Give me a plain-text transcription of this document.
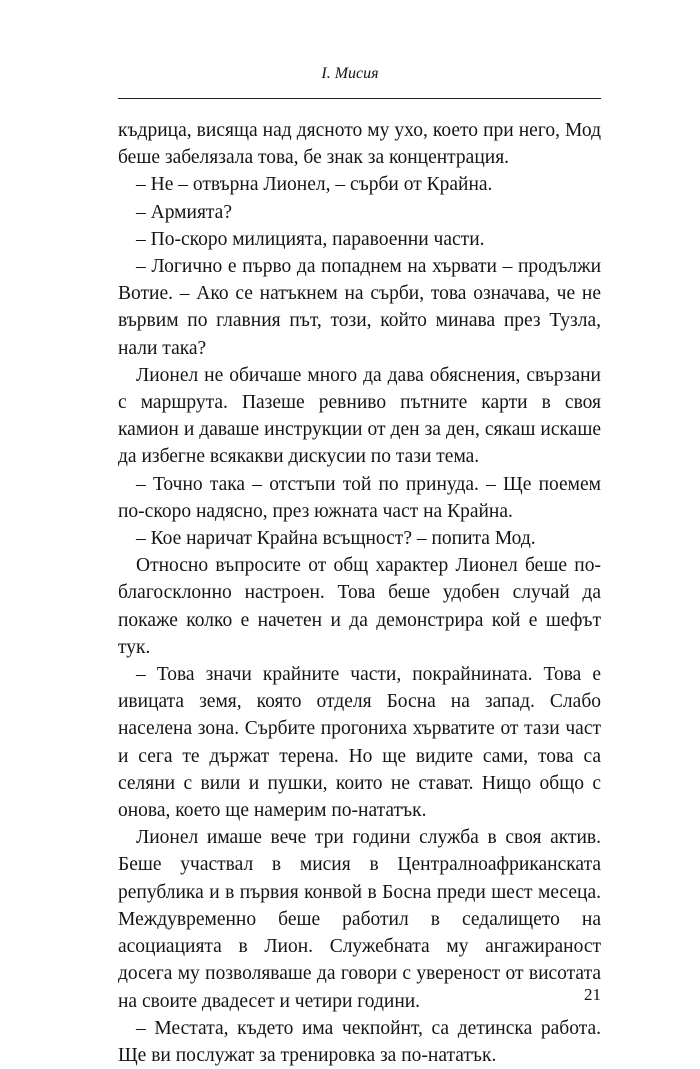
I. Мисия

къдрица, висяща над дясното му ухо, което при него, Мод беше забелязала това, бе знак за концентрация.

– Не – отвърна Лионел, – сърби от Крайна.

– Армията?

– По-скоро милицията, паравоенни части.

– Логично е първо да попаднем на хървати – продължи Вотие. – Ако се натъкнем на сърби, това означава, че не вървим по главния път, този, който минава през Тузла, нали така?

Лионел не обичаше много да дава обяснения, свързани с маршрута. Пазеше ревниво пътните карти в своя камион и даваше инструкции от ден за ден, сякаш искаше да избегне всякакви дискусии по тази тема.

– Точно така – отстъпи той по принуда. – Ще поемем по-скоро надясно, през южната част на Крайна.

– Кое наричат Крайна всъщност? – попита Мод.

Относно въпросите от общ характер Лионел беше по-благосклонно настроен. Това беше удобен случай да покаже колко е начетен и да демонстрира кой е шефът тук.

– Това значи крайните части, покрайнината. Това е ивицата земя, която отделя Босна на запад. Слабо населена зона. Сърбите прогониха хърватите от тази част и сега те държат терена. Но ще видите сами, това са селяни с вили и пушки, които не стават. Нищо общо с онова, което ще намерим по-нататък.

Лионел имаше вече три години служба в своя актив. Беше участвал в мисия в Централноафриканската република и в първия конвой в Босна преди шест месеца. Междувременно беше работил в седалището на асоциацията в Лион. Служебната му ангажираност досега му позволяваше да говори с увереност от висотата на своите двадесет и четири години.

– Местата, където има чекпойнт, са детинска работа. Ще ви послужат за тренировка за по-нататък.

21
